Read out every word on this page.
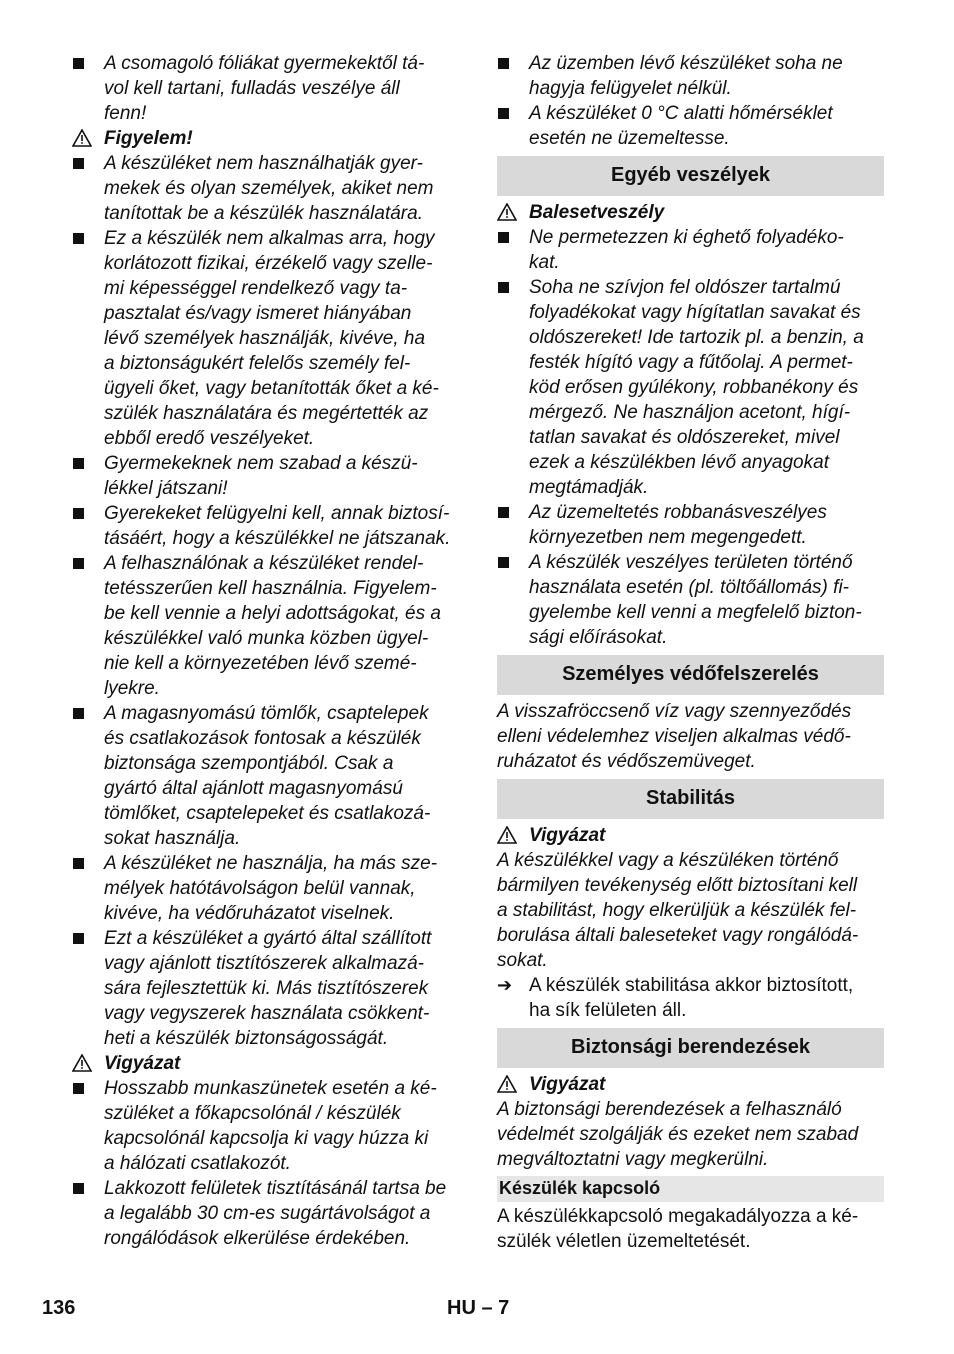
A csomagoló fóliákat gyermekektől tá-
vol kell tartani, fulladás veszélye áll
fenn!
Figyelem!
A készüléket nem használhatják gyer-
mekek és olyan személyek, akiket nem
tanítottak be a készülék használatára.
Ez a készülék nem alkalmas arra, hogy
korlátozott fizikai, érzékelő vagy szelle-
mi képességgel rendelkező vagy ta-
pasztalat és/vagy ismeret hiányában
lévő személyek használják, kivéve, ha
a biztonságukért felelős személy fel-
ügyeli őket, vagy betanították őket a ké-
szülék használatára és megértették az
ebből eredő veszélyeket.
Gyermekeknek nem szabad a készü-
lékkel játszani!
Gyerekeket felügyelni kell, annak biztosí-
tásáért, hogy a készülékkel ne játszanak.
A felhasználónak a készüléket rendel-
tetésszerűen kell használnia. Figyelem-
be kell vennie a helyi adottságokat, és a
készülékkel való munka közben ügyel-
nie kell a környezetében lévő szemé-
lyekre.
A magasnyomású tömlők, csaptelepek
és csatlakozások fontosak a készülék
biztonsága szempontjából. Csak a
gyártó által ajánlott magasnyomású
tömlőket, csaptelepeket és csatlakozá-
sokat használja.
A készüléket ne használja, ha más sze-
mélyek hatótávolságon belül vannak,
kivéve, ha védőruházatot viselnek.
Ezt a készüléket a gyártó által szállított
vagy ajánlott tisztítószerek alkalmazá-
sára fejlesztettük ki. Más tisztítószerek
vagy vegyszerek használata csökkent-
heti a készülék biztonságosságát.
Vigyázat
Hosszabb munkaszünetek esetén a ké-
szüléket a főkapcsolónál / készülék
kapcsolónál kapcsolja ki vagy húzza ki
a hálózati csatlakozót.
Lakkozott felületek tisztításánál tartsa be
a legalább 30 cm-es sugártávolságot a
rongálódások elkerülése érdekében.
Az üzemben lévő készüléket soha ne
hagyja felügyelet nélkül.
A készüléket 0 °C alatti hőmérséklet
esetén ne üzemeltesse.
Egyéb veszélyek
Balesetveszély
Ne permetezzen ki éghető folyadéko-
kat.
Soha ne szívjon fel oldószer tartalmú
folyadékokat vagy hígítatlan savakat és
oldószereket! Ide tartozik pl. a benzin, a
festék hígító vagy a fűtőolaj. A permet-
köd erősen gyúlékony, robbanékony és
mérgező. Ne használjon acetont, hígí-
tatlan savakat és oldószereket, mivel
ezek a készülékben lévő anyagokat
megtámadják.
Az üzemeltetés robbanásveszélyes
környezetben nem megengedett.
A készülék veszélyes területen történő
használata esetén (pl. töltőállomás) fi-
gyelembe kell venni a megfelelő bizton-
sági előírásokat.
Személyes védőfelszerelés

A visszafröccsenő víz vagy szennyeződés
elleni védelemhez viseljen alkalmas védő-
ruházatot és védőszemüveget.

Stabilitás
Vigyázat

A készülékkel vagy a készüléken történő
bármilyen tevékenység előtt biztosítani kell
a stabilitást, hogy elkerüljük a készülék fel-
borulása általi baleseteket vagy rongálódá-
sokat.

➔ A készülék stabilitása akkor biztosított,
ha sík felületen áll.
Biztonsági berendezések
Vigyázat

A biztonsági berendezések a felhasználó
védelmét szolgálják és ezeket nem szabad
megváltoztatni vagy megkerülni.

Készülék kapcsoló

A készülékkapcsoló megakadályozza a ké-
szülék véletlen üzemeltetését.

136	HU – 7
